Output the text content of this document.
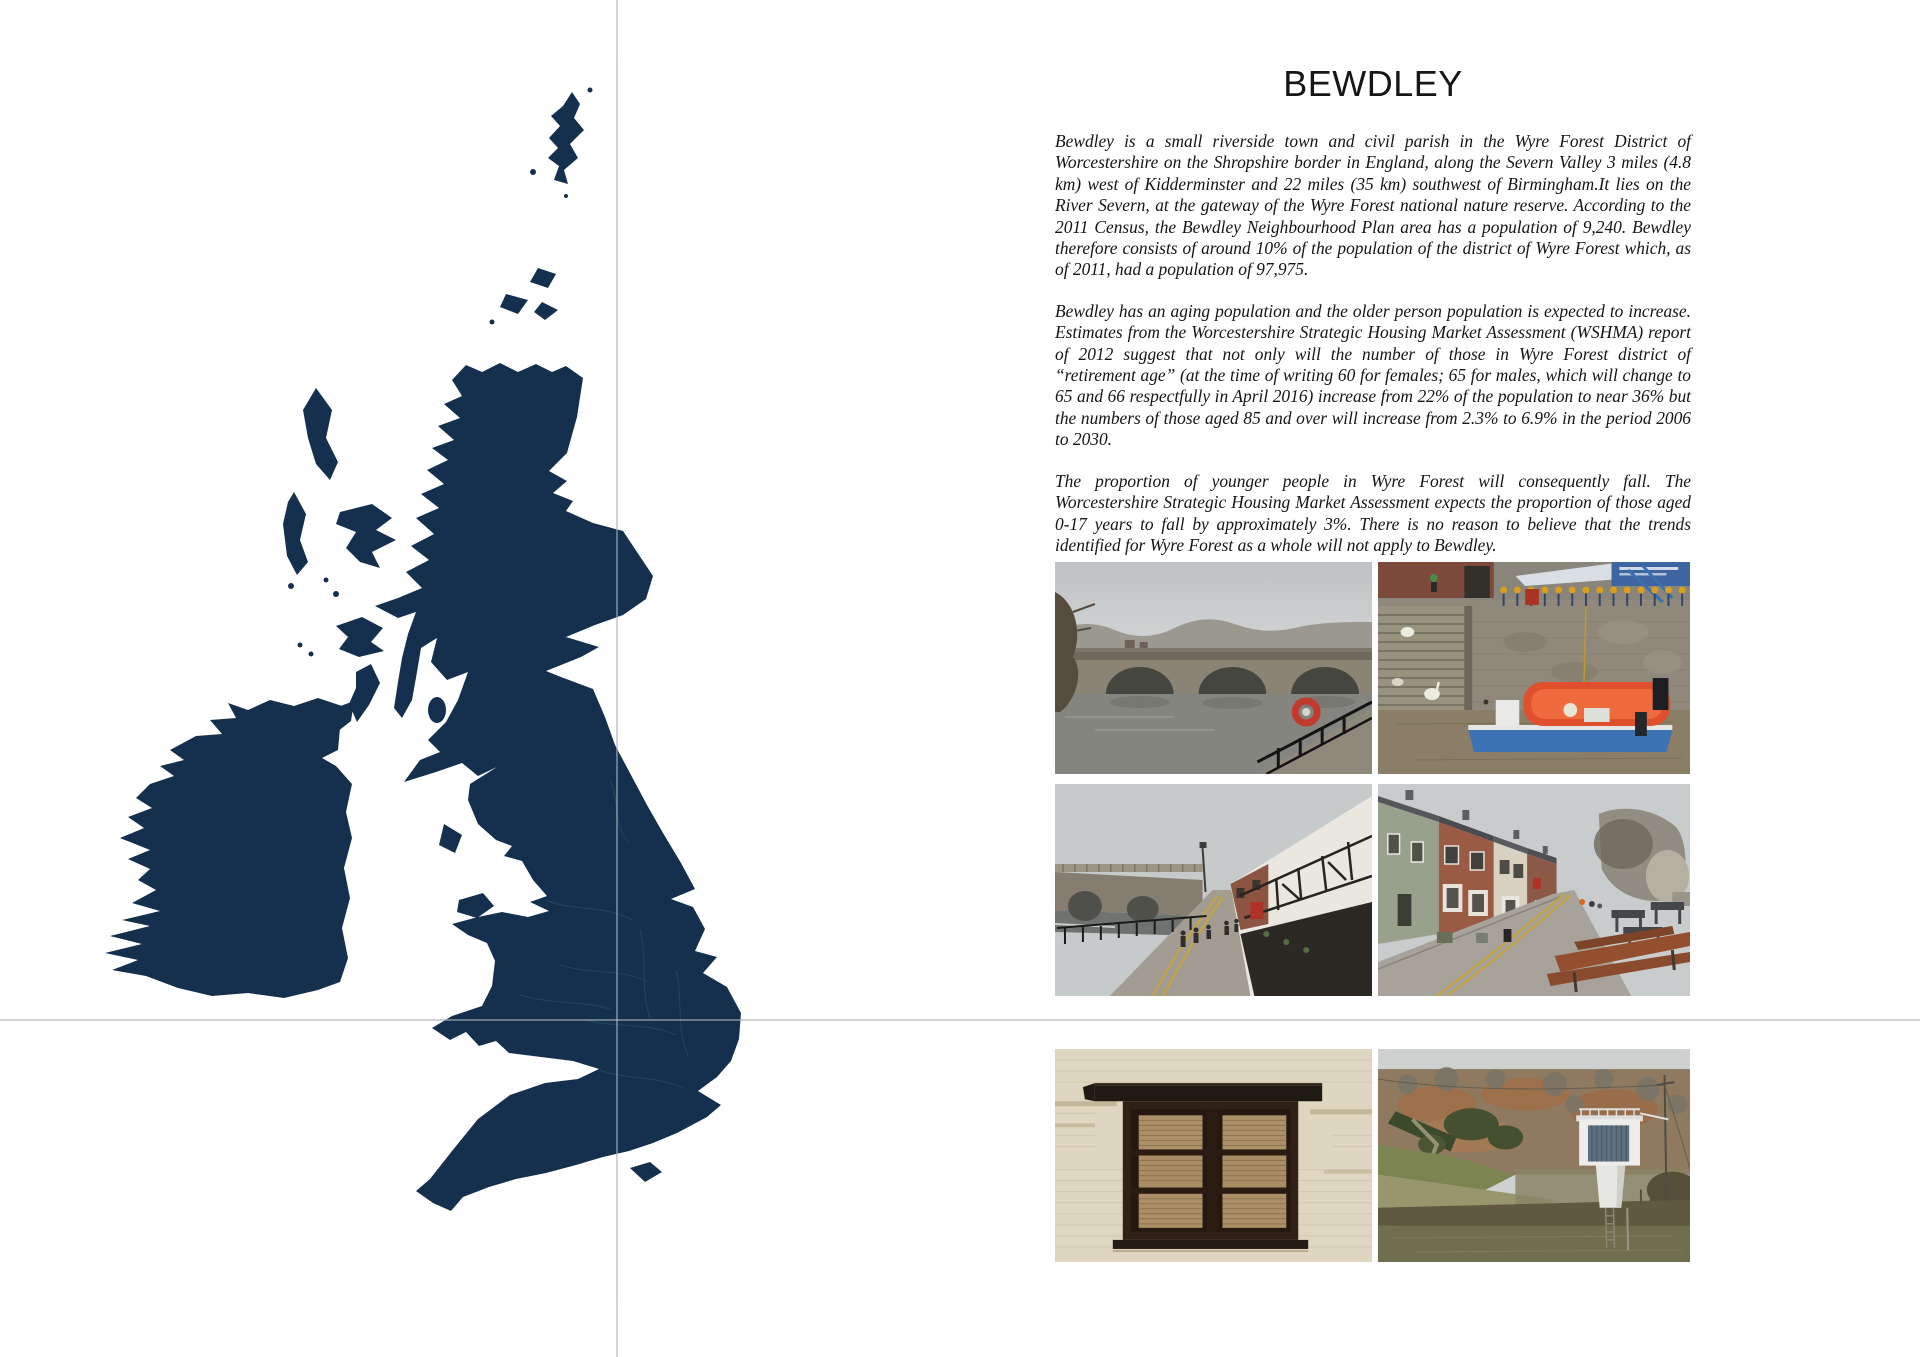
BEWDLEY

Bewdley is a small riverside town and civil parish in the Wyre Forest District of Worcestershire on the Shropshire border in England, along the Severn Valley 3 miles (4.8 km) west of Kidderminster and 22 miles (35 km) southwest of Birmingham.It lies on the River Severn, at the gateway of the Wyre Forest national nature reserve. According to the 2011 Census, the Bewdley Neighbourhood Plan area has a population of 9,240. Bewdley therefore consists of around 10% of the population of the district of Wyre Forest which, as of 2011, had a population of 97,975.

Bewdley has an aging population and the older person population is expected to increase. Estimates from the Worcestershire Strategic Housing Market Assessment (WSHMA) report of 2012 suggest that not only will the number of those in Wyre Forest district of “retirement age” (at the time of writing 60 for females; 65 for males, which will change to 65 and 66 respectfully in April 2016) increase from 22% of the population to near 36% but the numbers of those aged 85 and over will increase from 2.3% to 6.9% in the period 2006 to 2030.

The proportion of younger people in Wyre Forest will consequently fall. The Worcestershire Strategic Housing Market Assessment expects the proportion of those aged 0-17 years to fall by approximately 3%. There is no reason to believe that the trends identified for Wyre Forest as a whole will not apply to Bewdley.
